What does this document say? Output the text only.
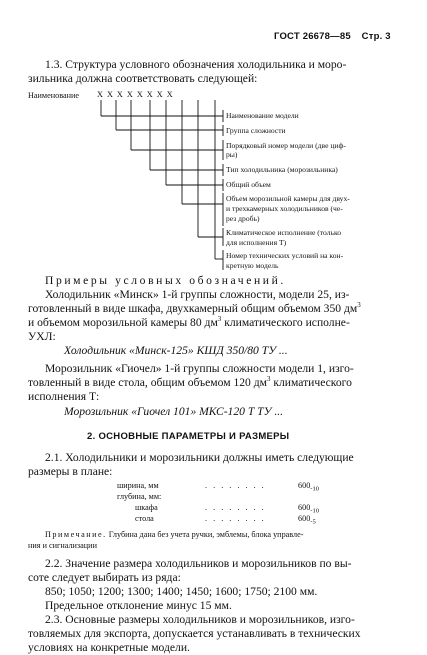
ГОСТ 26678—85 Стр. 3
1.3. Структура условного обозначения холодильника и моро-
зильника должна соответствовать следующей:
Наименование X X X X X X X X
Наименование модели
Группа сложности
Порядковый номер модели (две циф-
ры)
Тип холодильника (морозильника)
Общий объем
Объем морозильной камеры для двух-
и трехкамерных холодильников (че-
рез дробь)
Климатическое исполнение (только
для исполнения Т)
Номер технических условий на кон-
кретную модель
Примеры условных обозначений.
Холодильник «Минск» 1-й группы сложности, модели 25, из-
готовленный в виде шкафа, двухкамерный общим объемом 350 $дм^3$
и объемом морозильной камеры 80 $дм^3$ климатического исполне-
УХЛ:
Холодильник «Минск-125» КШД 350/80 ТУ ...
Морозильник «Гиочел» 1-й группы сложности модели 1, изго-
товленный в виде стола, общим объемом 120 $дм^3$ климатического
исполнения Т:
Морозильник «Гиочел 101» МКС-120 Т ТУ ...
2. ОСНОВНЫЕ ПАРАМЕТРЫ И РАЗМЕРЫ
2.1. Холодильники и морозильники должны иметь следующие
размеры в плане:
ширина, мм	. . . . . . . .	$600_{-10}$
глубина, мм:
шкафа	. . . . . . . .	$600_{-10}$
стола	. . . . . . . .	$600_{-5}$
Примечание. Глубина дана без учета ручки, эмблемы, блока управле-
ния и сигнализации
2.2. Значение размера холодильников и морозильников по вы-
соте следует выбирать из ряда:
850; 1050; 1200; 1300; 1400; 1450; 1600; 1750; 2100 мм.
Предельное отклонение минус 15 мм.
2.3. Основные размеры холодильников и морозильников, изго-
товляемых для экспорта, допускается устанавливать в технических
условиях на конкретные модели.
